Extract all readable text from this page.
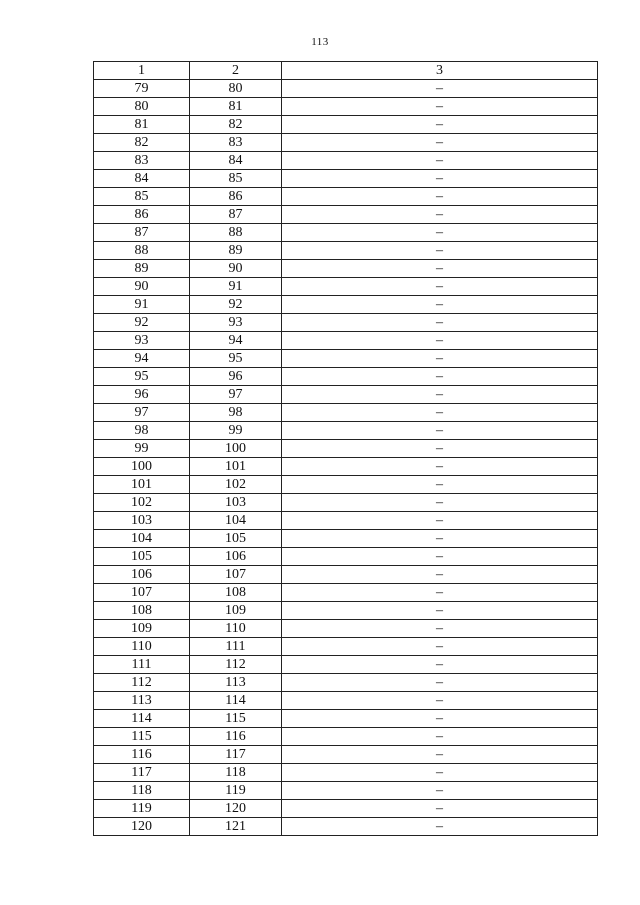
113
1	2	3
79	80	–
80	81	–
81	82	–
82	83	–
83	84	–
84	85	–
85	86	–
86	87	–
87	88	–
88	89	–
89	90	–
90	91	–
91	92	–
92	93	–
93	94	–
94	95	–
95	96	–
96	97	–
97	98	–
98	99	–
99	100	–
100	101	–
101	102	–
102	103	–
103	104	–
104	105	–
105	106	–
106	107	–
107	108	–
108	109	–
109	110	–
110	111	–
111	112	–
112	113	–
113	114	–
114	115	–
115	116	–
116	117	–
117	118	–
118	119	–
119	120	–
120	121	–
